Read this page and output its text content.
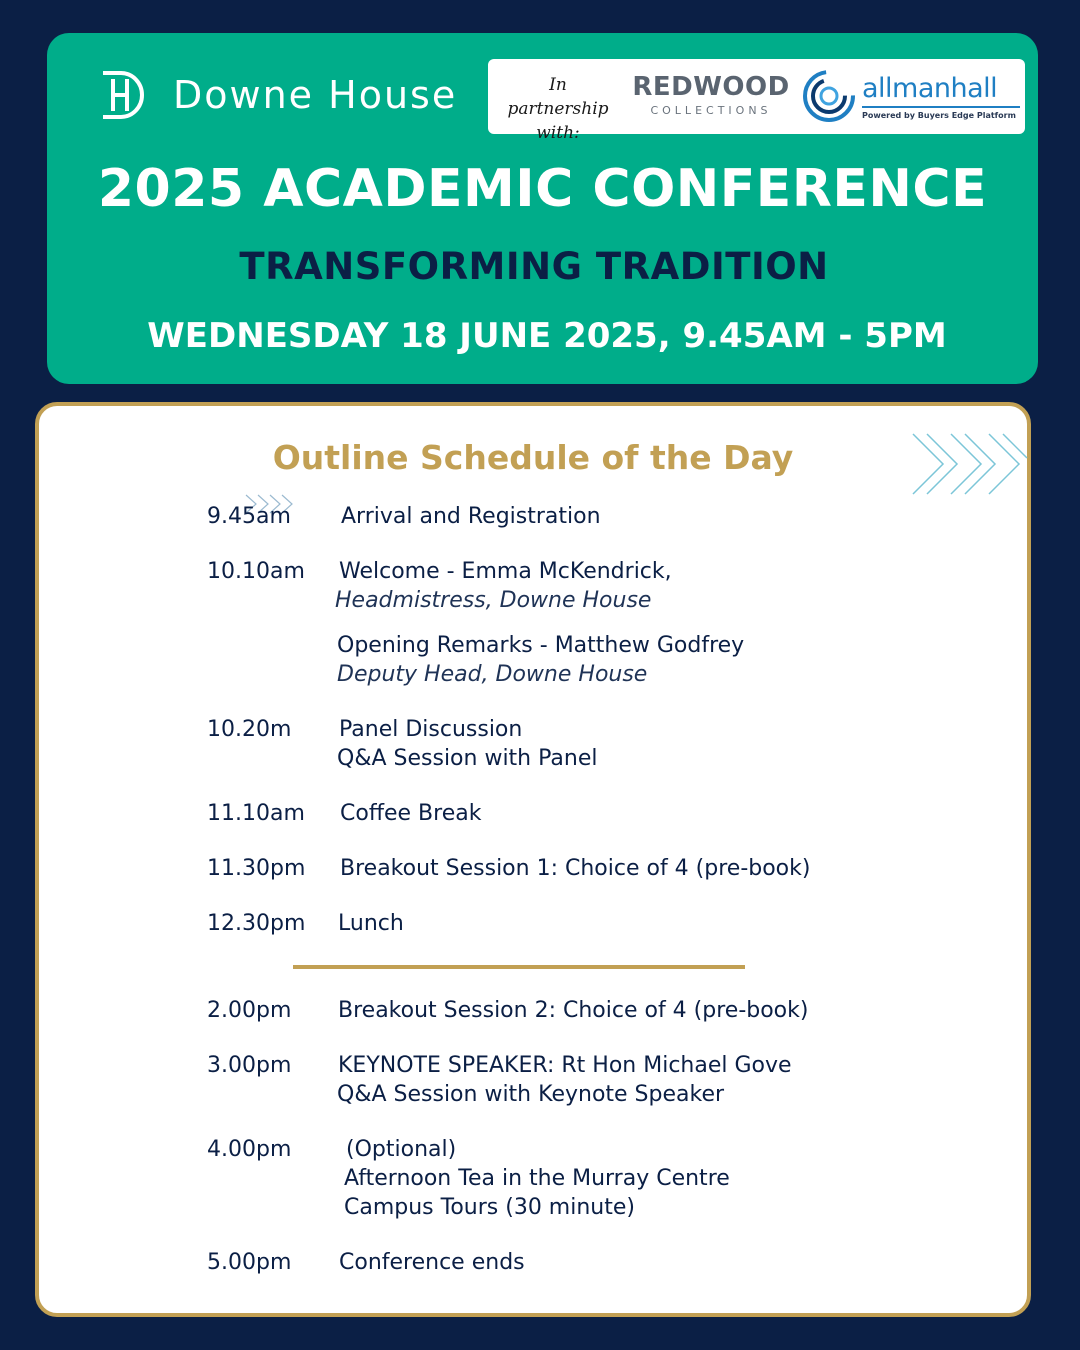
Downe House	In partnership with:
REDWOOD
COLLECTIONS
allmanhall
Powered by Buyers Edge Platform
2025 ACADEMIC CONFERENCE
TRANSFORMING TRADITION
WEDNESDAY 18 JUNE 2025, 9.45AM - 5PM
Outline Schedule of the Day
9.45am Arrival and Registration
10.10am Welcome - Emma McKendrick,
Headmistress, Downe House
Opening Remarks - Matthew Godfrey
Deputy Head, Downe House
10.20m Panel Discussion
Q&A Session with Panel
11.10am Coffee Break
11.30pm Breakout Session 1: Choice of 4 (pre-book)
12.30pm Lunch
2.00pm Breakout Session 2: Choice of 4 (pre-book)
3.00pm KEYNOTE SPEAKER: Rt Hon Michael Gove
Q&A Session with Keynote Speaker
4.00pm (Optional)
Afternoon Tea in the Murray Centre
Campus Tours (30 minute)
5.00pm Conference ends
